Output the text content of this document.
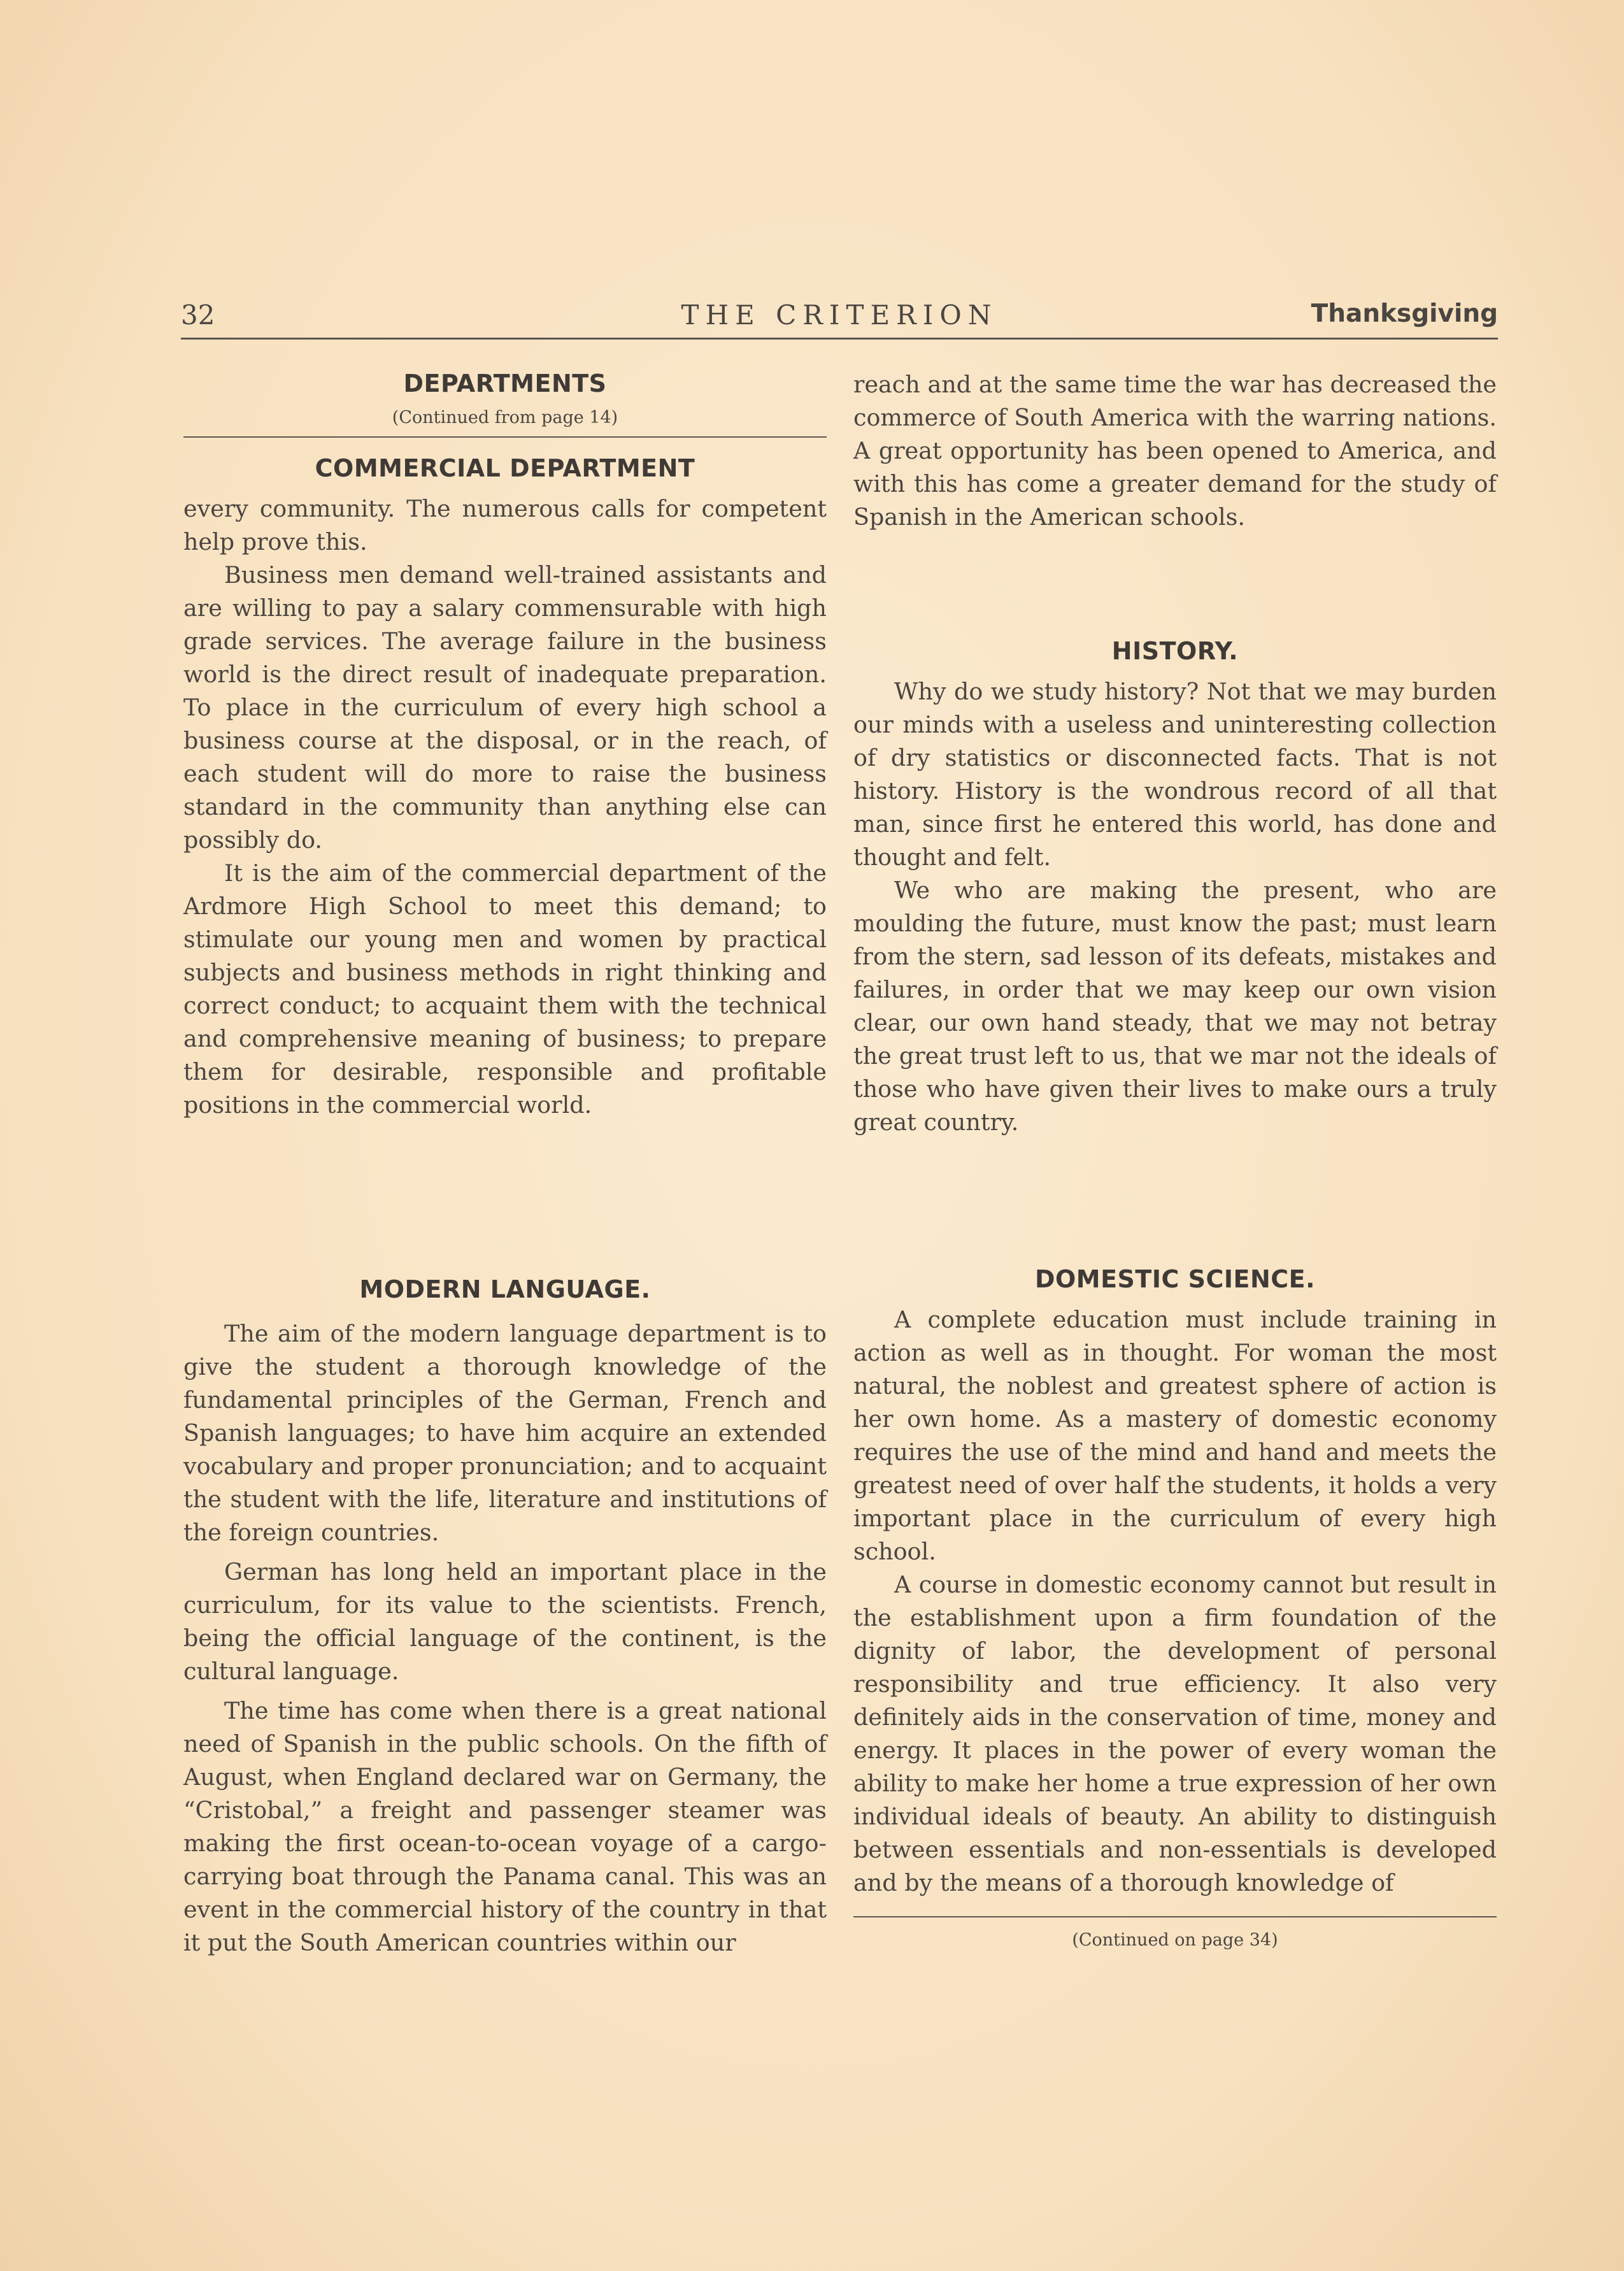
32	THE CRITERION	Thanksgiving
DEPARTMENTS
(Continued from page 14)
COMMERCIAL DEPARTMENT

every community. The numerous calls for competent help prove this.

Business men demand well-trained assistants and are willing to pay a salary commensurable with high grade services. The average failure in the business world is the direct result of inadequate preparation. To place in the curriculum of every high school a business course at the disposal, or in the reach, of each student will do more to raise the business standard in the community than anything else can possibly do.

It is the aim of the commercial department of the Ardmore High School to meet this demand; to stimulate our young men and women by practical subjects and business methods in right thinking and correct conduct; to acquaint them with the technical and comprehensive meaning of business; to prepare them for desirable, responsible and profitable positions in the commercial world.

reach and at the same time the war has decreased the commerce of South America with the warring nations. A great opportunity has been opened to America, and with this has come a greater demand for the study of Spanish in the American schools.

HISTORY.

Why do we study history? Not that we may burden our minds with a useless and uninteresting collection of dry statistics or disconnected facts. That is not history. History is the wondrous record of all that man, since first he entered this world, has done and thought and felt.

We who are making the present, who are moulding the future, must know the past; must learn from the stern, sad lesson of its defeats, mistakes and failures, in order that we may keep our own vision clear, our own hand steady, that we may not betray the great trust left to us, that we mar not the ideals of those who have given their lives to make ours a truly great country.

MODERN LANGUAGE.

The aim of the modern language department is to give the student a thorough knowledge of the fundamental principles of the German, French and Spanish languages; to have him acquire an extended vocabulary and proper pronunciation; and to acquaint the student with the life, literature and institutions of the foreign countries.

German has long held an important place in the curriculum, for its value to the scientists. French, being the official language of the continent, is the cultural language.

The time has come when there is a great national need of Spanish in the public schools. On the fifth of August, when England declared war on Germany, the “Cristobal,” a freight and passenger steamer was making the first ocean-to-ocean voyage of a cargo-carrying boat through the Panama canal. This was an event in the commercial history of the country in that it put the South American countries within our

DOMESTIC SCIENCE.

A complete education must include training in action as well as in thought. For woman the most natural, the noblest and greatest sphere of action is her own home. As a mastery of domestic economy requires the use of the mind and hand and meets the greatest need of over half the students, it holds a very important place in the curriculum of every high school.

A course in domestic economy cannot but result in the establishment upon a firm foundation of the dignity of labor, the development of personal responsibility and true efficiency. It also very definitely aids in the conservation of time, money and energy. It places in the power of every woman the ability to make her home a true expression of her own individual ideals of beauty. An ability to distinguish between essentials and non-essentials is developed and by the means of a thorough knowledge of

(Continued on page 34)
